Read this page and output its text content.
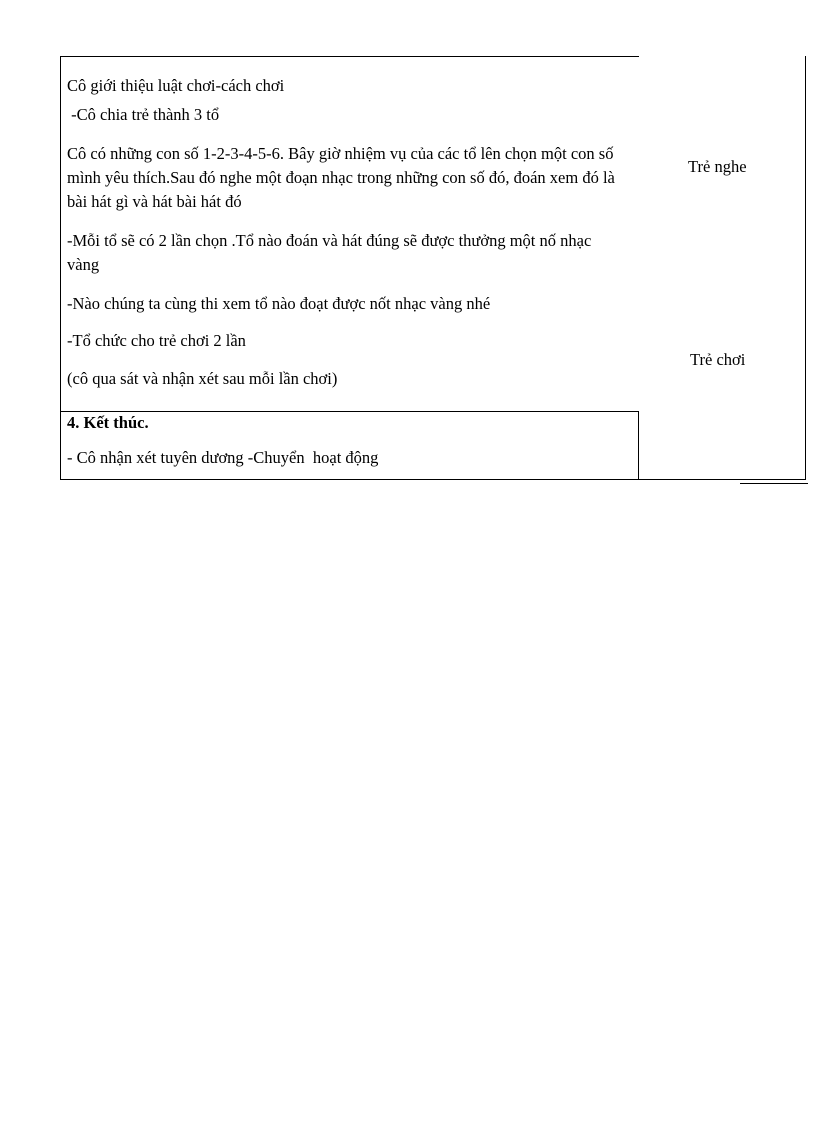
Cô giới thiệu luật chơi-cách chơi
-Cô chia trẻ thành 3 tổ
Cô có những con số 1-2-3-4-5-6. Bây giờ nhiệm vụ của các tổ lên chọn một con số mình yêu thích.Sau đó nghe một đoạn nhạc trong những con số đó, đoán xem đó là bài hát gì và hát bài hát đó
-Mỗi tổ sẽ có 2 lần chọn .Tổ nào đoán và hát đúng sẽ được thưởng một nố nhạc vàng
-Nào chúng ta cùng thi xem tổ nào đoạt được nốt nhạc vàng nhé
-Tổ chức cho trẻ chơi 2 lần
(cô qua sát và nhận xét sau mỗi lần chơi)
4. Kết thúc.
- Cô nhận xét tuyên dương -Chuyển  hoạt động
Trẻ nghe
Trẻ chơi
